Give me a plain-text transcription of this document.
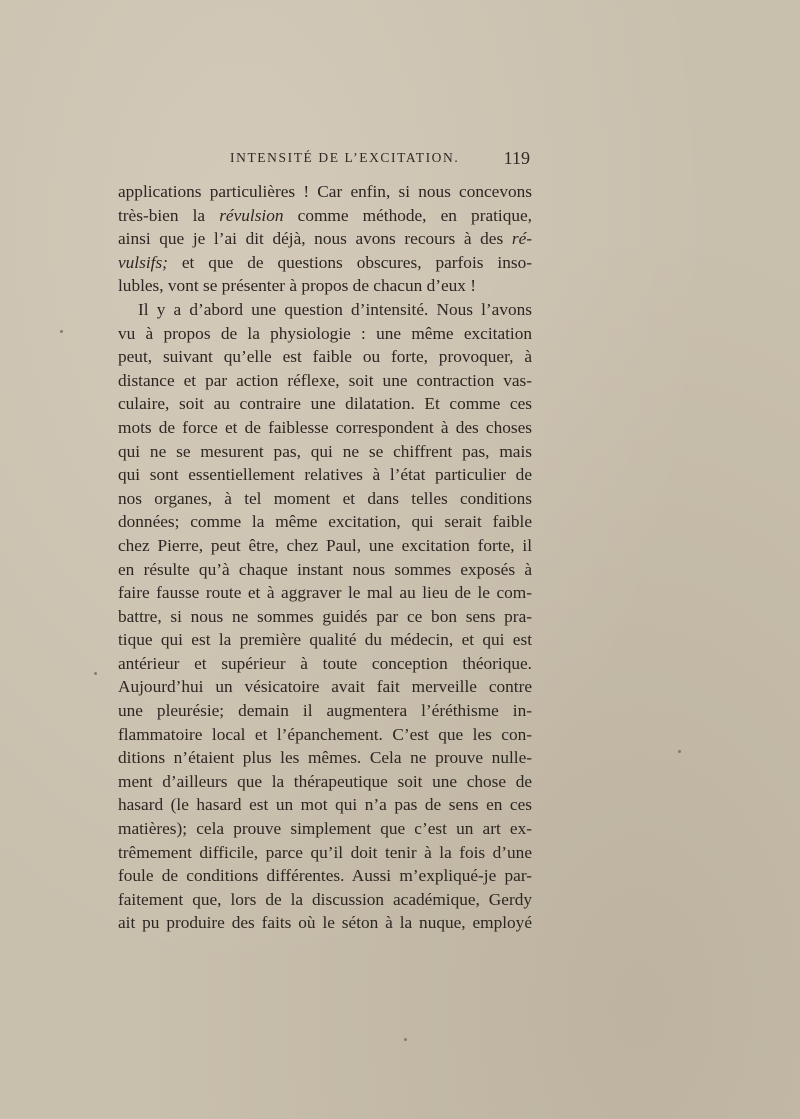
INTENSITÉ DE L’EXCITATION. 119
applications particulières ! Car enfin, si nous concevons
très-bien la révulsion comme méthode, en pratique,
ainsi que je l’ai dit déjà, nous avons recours à des ré-
vulsifs; et que de questions obscures, parfois inso-
lubles, vont se présenter à propos de chacun d’eux !
Il y a d’abord une question d’intensité. Nous l’avons
vu à propos de la physiologie : une même excitation
peut, suivant qu’elle est faible ou forte, provoquer, à
distance et par action réflexe, soit une contraction vas-
culaire, soit au contraire une dilatation. Et comme ces
mots de force et de faiblesse correspondent à des choses
qui ne se mesurent pas, qui ne se chiffrent pas, mais
qui sont essentiellement relatives à l’état particulier de
nos organes, à tel moment et dans telles conditions
données; comme la même excitation, qui serait faible
chez Pierre, peut être, chez Paul, une excitation forte, il
en résulte qu’à chaque instant nous sommes exposés à
faire fausse route et à aggraver le mal au lieu de le com-
battre, si nous ne sommes guidés par ce bon sens pra-
tique qui est la première qualité du médecin, et qui est
antérieur et supérieur à toute conception théorique.
Aujourd’hui un vésicatoire avait fait merveille contre
une pleurésie; demain il augmentera l’éréthisme in-
flammatoire local et l’épanchement. C’est que les con-
ditions n’étaient plus les mêmes. Cela ne prouve nulle-
ment d’ailleurs que la thérapeutique soit une chose de
hasard (le hasard est un mot qui n’a pas de sens en ces
matières); cela prouve simplement que c’est un art ex-
trêmement difficile, parce qu’il doit tenir à la fois d’une
foule de conditions différentes. Aussi m’expliqué-je par-
faitement que, lors de la discussion académique, Gerdy
ait pu produire des faits où le séton à la nuque, employé
